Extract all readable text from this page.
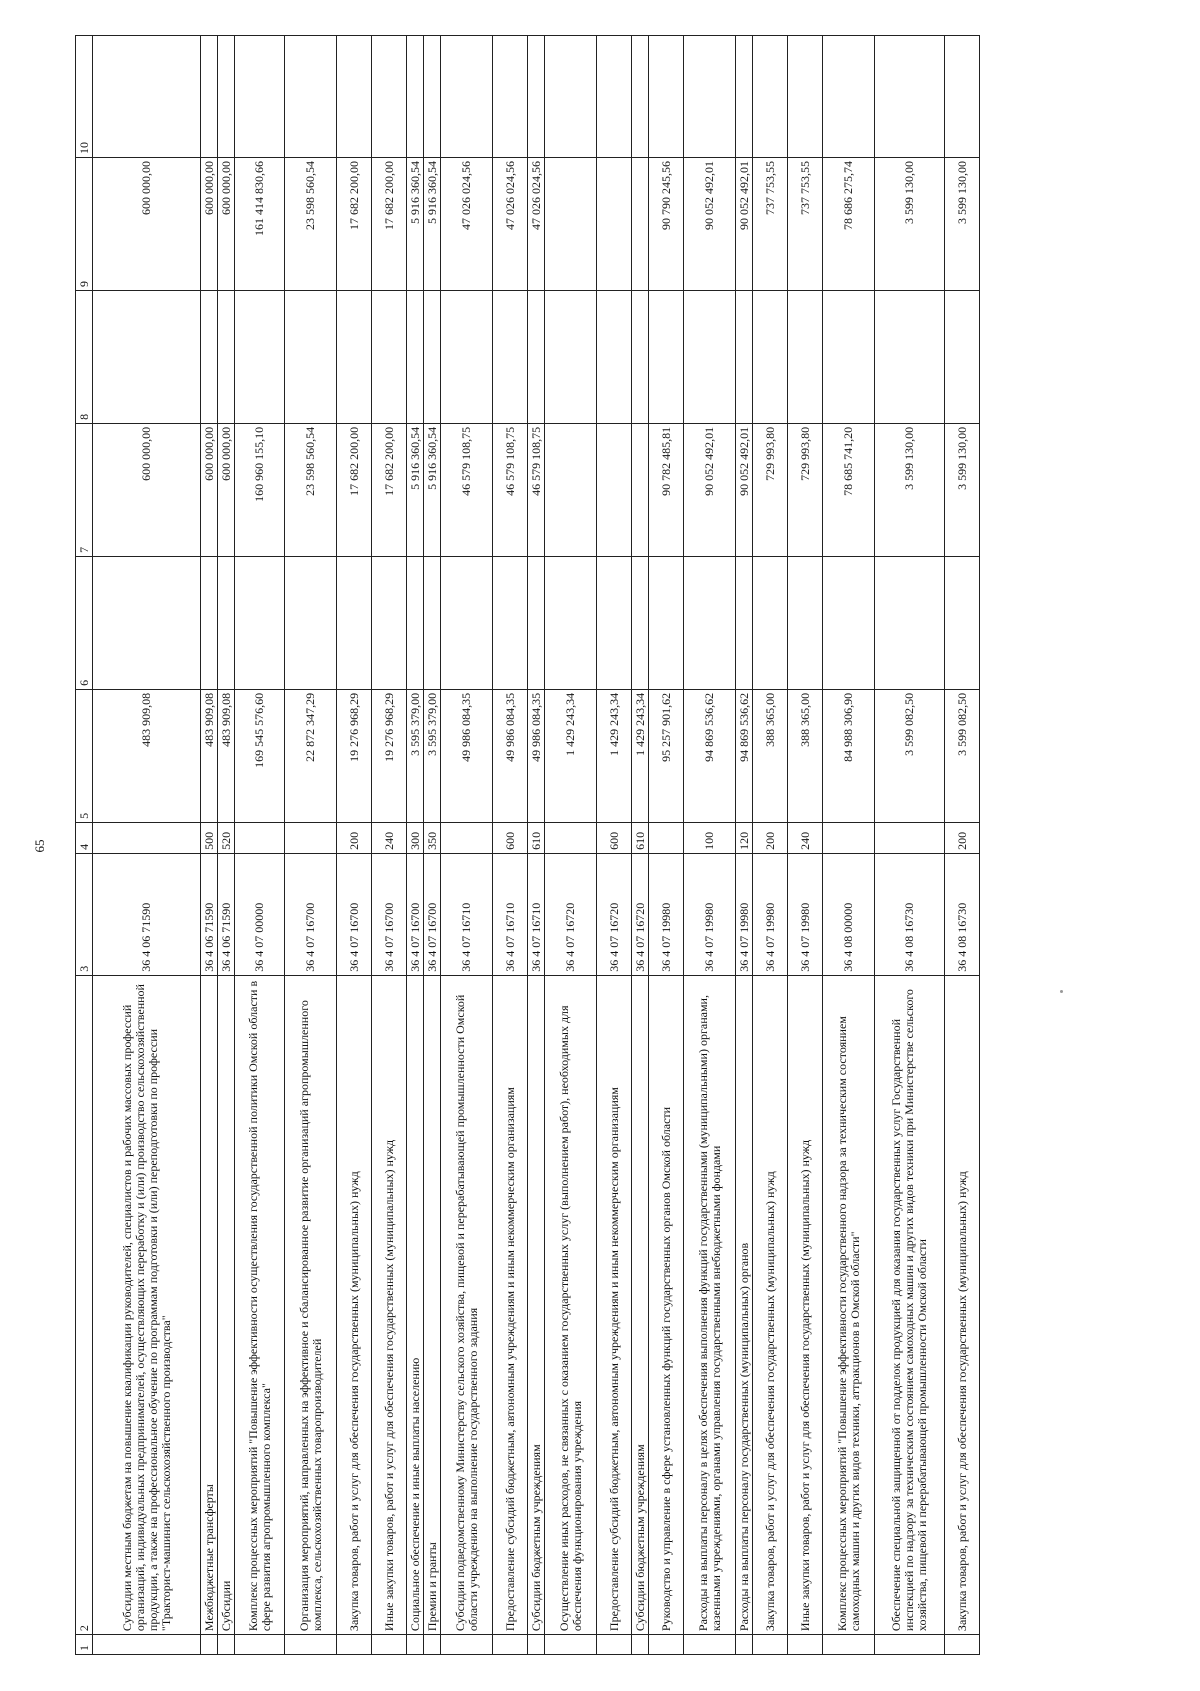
65
1	2	3	4	5	6	7	8	9	10
	Субсидии местным бюджетам на повышение квалификации руководителей, специалистов и рабочих массовых профессий организаций, индивидуальных предпринимателей, осуществляющих переработку и (или) производство сельскохозяйственной продукции, а также на профессиональное обучение по программам подготовки и (или) переподготовки по профессии "Тракторист-машинист сельскохозяйственного производства"	36 4 06 71590		483 909,08		600 000,00		600 000,00	
	Межбюджетные трансферты	36 4 06 71590	500	483 909,08		600 000,00		600 000,00	
	Субсидии	36 4 06 71590	520	483 909,08		600 000,00		600 000,00	
	Комплекс процессных мероприятий "Повышение эффективности осуществления государственной политики Омской области в сфере развития агропромышленного комплекса"	36 4 07 00000		169 545 576,60		160 960 155,10		161 414 830,66	
	Организация мероприятий, направленных на эффективное и сбалансированное развитие организаций агропромышленного комплекса, сельскохозяйственных товаропроизводителей	36 4 07 16700		22 872 347,29		23 598 560,54		23 598 560,54	
	Закупка товаров, работ и услуг для обеспечения государственных (муниципальных) нужд	36 4 07 16700	200	19 276 968,29		17 682 200,00		17 682 200,00	
	Иные закупки товаров, работ и услуг для обеспечения государственных (муниципальных) нужд	36 4 07 16700	240	19 276 968,29		17 682 200,00		17 682 200,00	
	Социальное обеспечение и иные выплаты населению	36 4 07 16700	300	3 595 379,00		5 916 360,54		5 916 360,54	
	Премии и гранты	36 4 07 16700	350	3 595 379,00		5 916 360,54		5 916 360,54	
	Субсидии подведомственному Министерству сельского хозяйства, пищевой и перерабатывающей промышленности Омской области учреждению на выполнение государственного задания	36 4 07 16710		49 986 084,35		46 579 108,75		47 026 024,56	
	Предоставление субсидий бюджетным, автономным учреждениям и иным некоммерческим организациям	36 4 07 16710	600	49 986 084,35		46 579 108,75		47 026 024,56	
	Субсидии бюджетным учреждениям	36 4 07 16710	610	49 986 084,35		46 579 108,75		47 026 024,56	
	Осуществление иных расходов, не связанных с оказанием государственных услуг (выполнением работ), необходимых для обеспечения функционирования учреждения	36 4 07 16720		1 429 243,34					
	Предоставление субсидий бюджетным, автономным учреждениям и иным некоммерческим организациям	36 4 07 16720	600	1 429 243,34					
	Субсидии бюджетным учреждениям	36 4 07 16720	610	1 429 243,34					
	Руководство и управление в сфере установленных функций государственных органов Омской области	36 4 07 19980		95 257 901,62		90 782 485,81		90 790 245,56	
	Расходы на выплаты персоналу в целях обеспечения выполнения функций государственными (муниципальными) органами, казенными учреждениями, органами управления государственными внебюджетными фондами	36 4 07 19980	100	94 869 536,62		90 052 492,01		90 052 492,01	
	Расходы на выплаты персоналу государственных (муниципальных) органов	36 4 07 19980	120	94 869 536,62		90 052 492,01		90 052 492,01	
	Закупка товаров, работ и услуг для обеспечения государственных (муниципальных) нужд	36 4 07 19980	200	388 365,00		729 993,80		737 753,55	
	Иные закупки товаров, работ и услуг для обеспечения государственных (муниципальных) нужд	36 4 07 19980	240	388 365,00		729 993,80		737 753,55	
	Комплекс процессных мероприятий "Повышение эффективности государственного надзора за техническим состоянием самоходных машин и других видов техники, аттракционов в Омской области"	36 4 08 00000		84 988 306,90		78 685 741,20		78 686 275,74	
	Обеспечение специальной защищенной от подделок продукцией для оказания государственных услуг Государственной инспекцией по надзору за техническим состоянием самоходных машин и других видов техники при Министерстве сельского хозяйства, пищевой и перерабатывающей промышленности Омской области	36 4 08 16730		3 599 082,50		3 599 130,00		3 599 130,00	
	Закупка товаров, работ и услуг для обеспечения государственных (муниципальных) нужд	36 4 08 16730	200	3 599 082,50		3 599 130,00		3 599 130,00	
